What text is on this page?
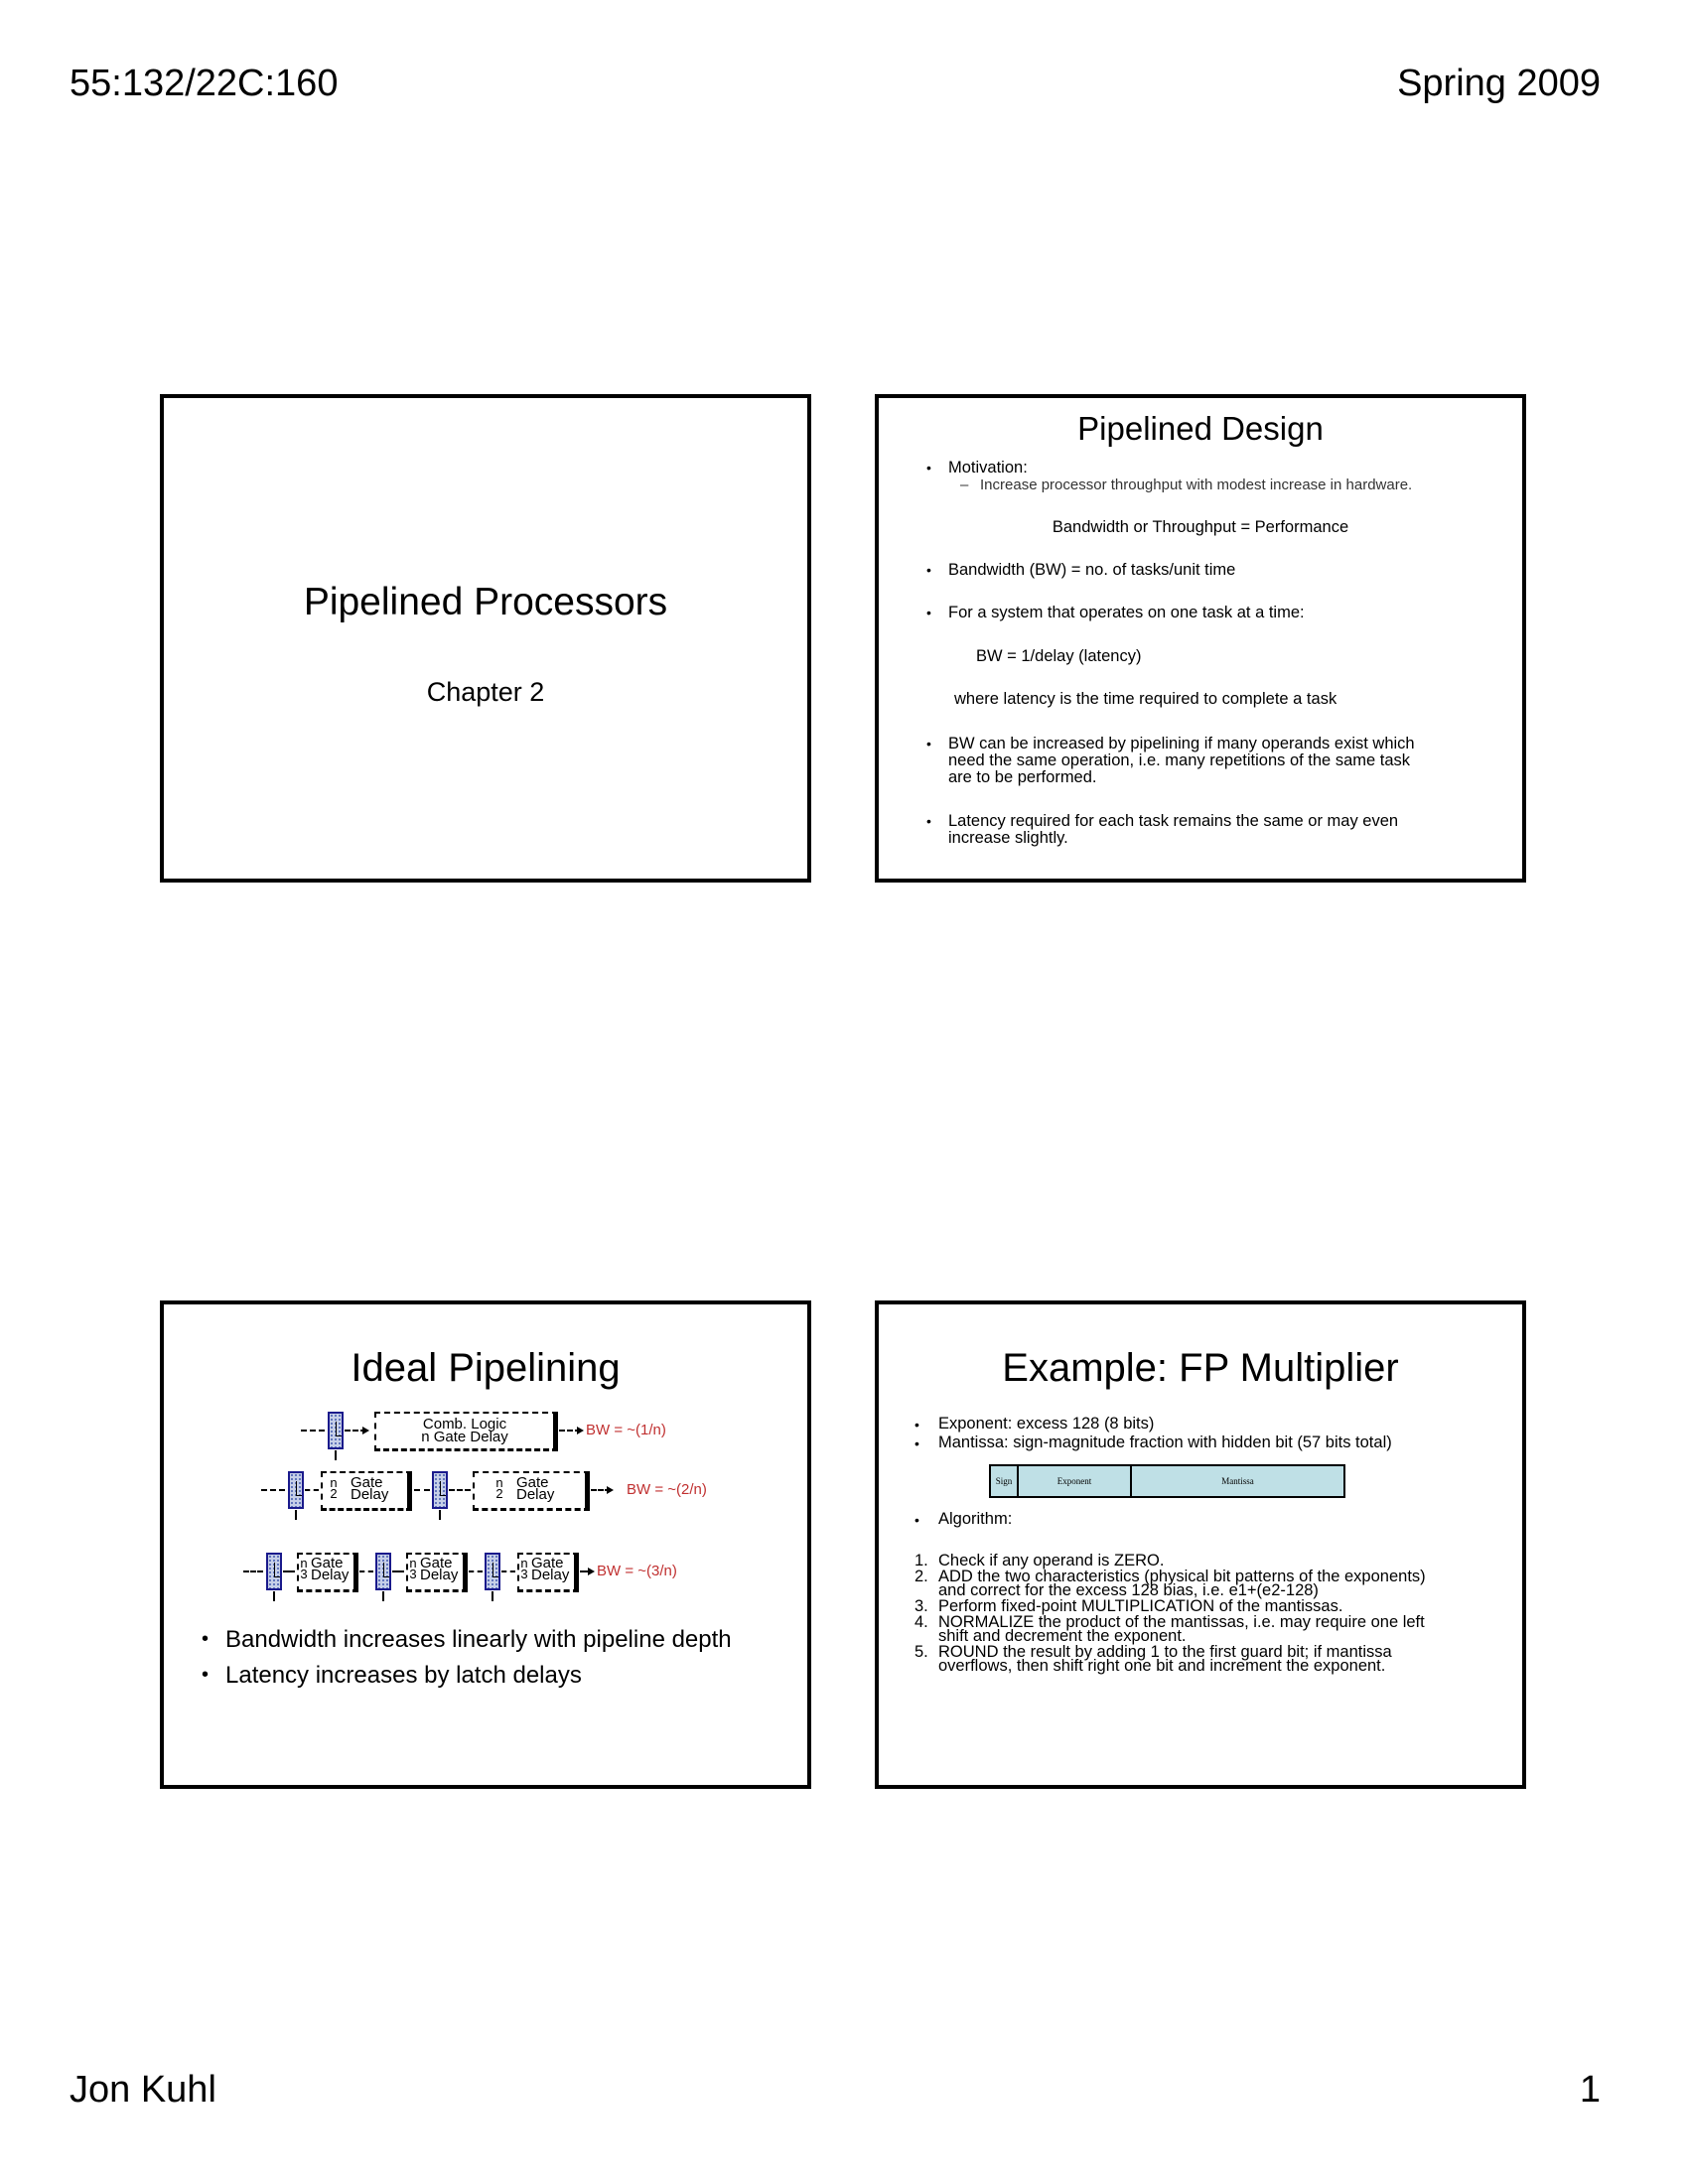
55:132/22C:160	Spring 2009
Jon Kuhl	1
Pipelined Processors
Chapter 2
Pipelined Design
• Motivation:
– Increase processor throughput with modest increase in hardware.
Bandwidth or Throughput = Performance
• Bandwidth (BW) = no. of tasks/unit time
• For a system that operates on one task at a time:
BW = 1/delay (latency)
where latency is the time required to complete a task
• BW can be increased by pipelining if many operands exist which
need the same operation, i.e. many repetitions of the same task
are to be performed.
• Latency required for each task remains the same or may even
increase slightly.
Ideal Pipelining
Comb. Logic
n Gate Delay	BW = ~(1/n)
n
2
Gate
Delay
n
2
Gate
Delay	BW = ~(2/n)
n
3
Gate
Delay
n
3
Gate
Delay
n
3
Gate
Delay BW = ~(3/n)
• Bandwidth increases linearly with pipeline depth
• Latency increases by latch delays
Example: FP Multiplier
• Exponent: excess 128 (8 bits)
• Mantissa: sign-magnitude fraction with hidden bit (57 bits total)
Sign	Exponent	Mantissa
• Algorithm:
1. Check if any operand is ZERO.
2. ADD the two characteristics (physical bit patterns of the exponents)
and correct for the excess 128 bias, i.e. e1+(e2-128)
3. Perform fixed-point MULTIPLICATION of the mantissas.
4. NORMALIZE the product of the mantissas, i.e. may require one left
shift and decrement the exponent.
5. ROUND the result by adding 1 to the first guard bit; if mantissa
overflows, then shift right one bit and increment the exponent.
